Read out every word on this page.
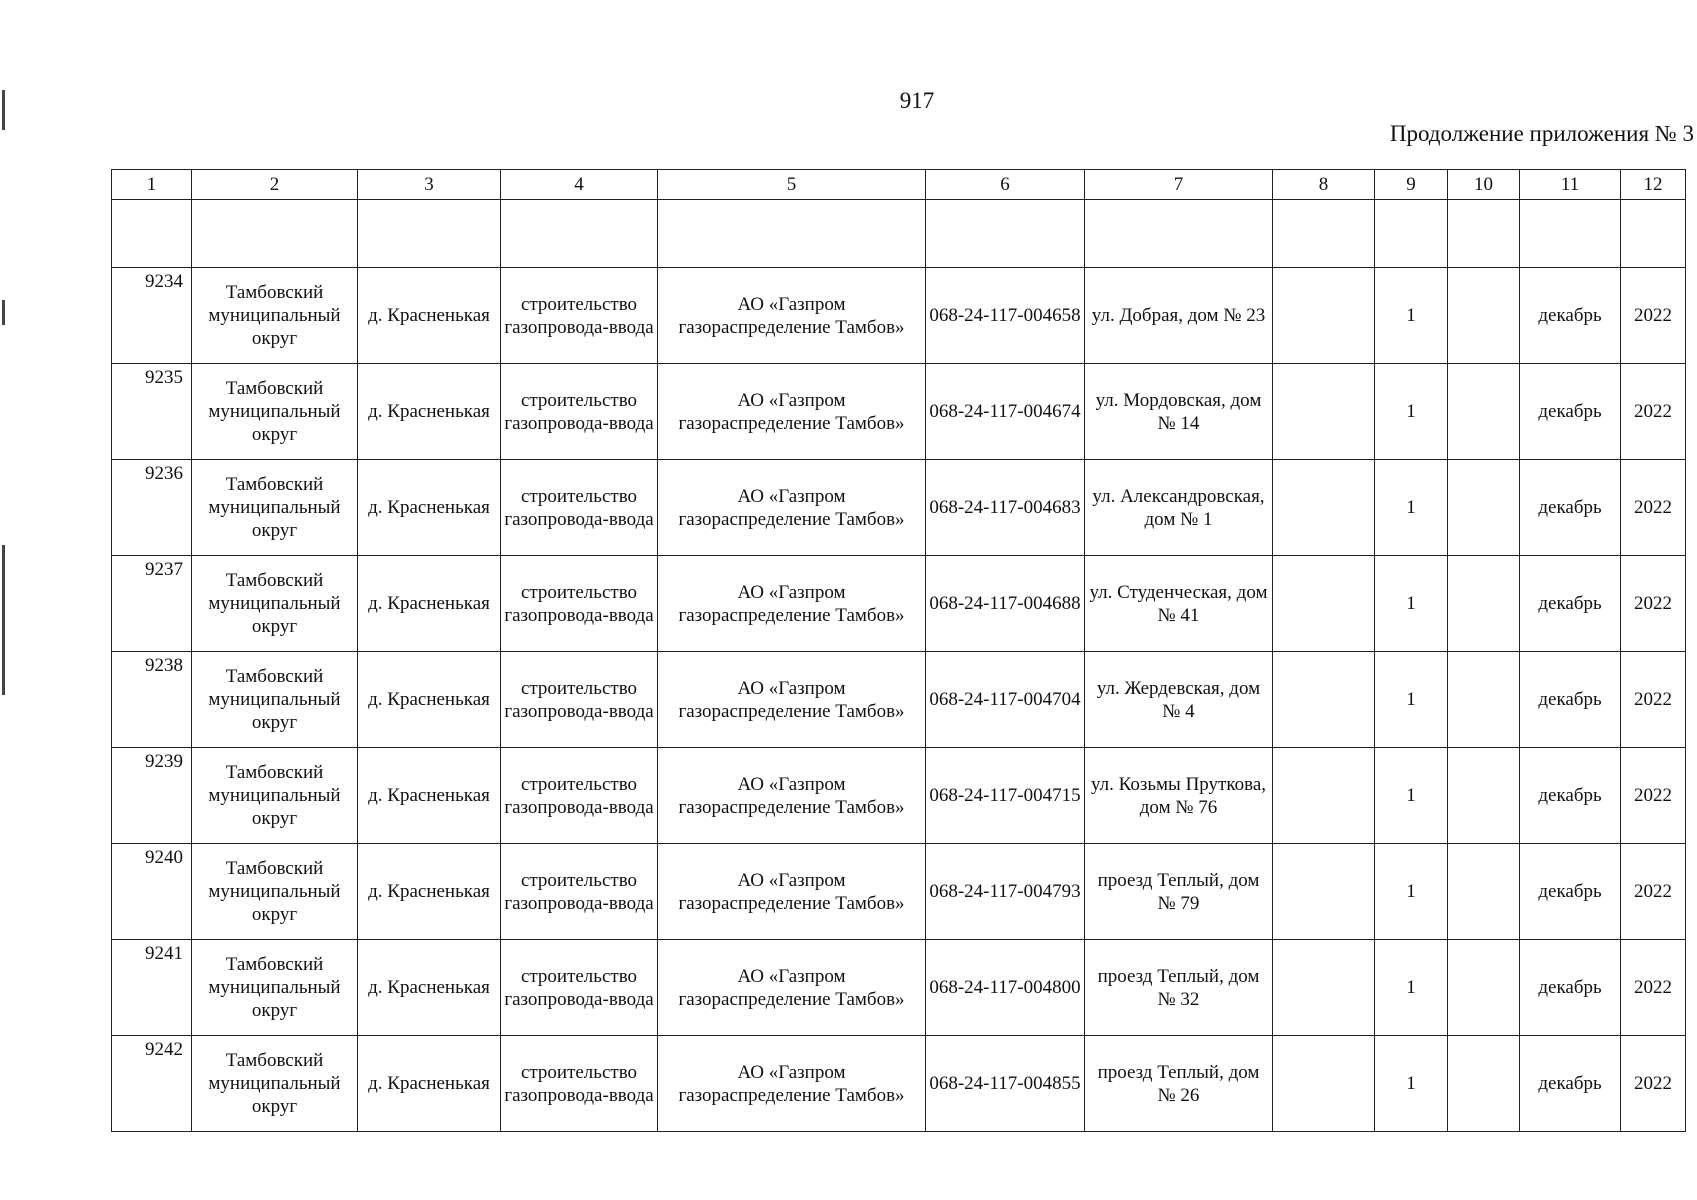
917
Продолжение приложения № 3
1	2	3	4	5	6	7	8	9	10	11	12

9234	Тамбовский муниципальный округ	д. Красненькая	строительство газопровода-ввода	АО «Газпром газораспределение Тамбов»	068-24-117-004658	ул. Добрая, дом № 23		1		декабрь	2022
9235	Тамбовский муниципальный округ	д. Красненькая	строительство газопровода-ввода	АО «Газпром газораспределение Тамбов»	068-24-117-004674	ул. Мордовская, дом № 14		1		декабрь	2022
9236	Тамбовский муниципальный округ	д. Красненькая	строительство газопровода-ввода	АО «Газпром газораспределение Тамбов»	068-24-117-004683	ул. Александровская, дом № 1		1		декабрь	2022
9237	Тамбовский муниципальный округ	д. Красненькая	строительство газопровода-ввода	АО «Газпром газораспределение Тамбов»	068-24-117-004688	ул. Студенческая, дом № 41		1		декабрь	2022
9238	Тамбовский муниципальный округ	д. Красненькая	строительство газопровода-ввода	АО «Газпром газораспределение Тамбов»	068-24-117-004704	ул. Жердевская, дом № 4		1		декабрь	2022
9239	Тамбовский муниципальный округ	д. Красненькая	строительство газопровода-ввода	АО «Газпром газораспределение Тамбов»	068-24-117-004715	ул. Козьмы Пруткова, дом № 76		1		декабрь	2022
9240	Тамбовский муниципальный округ	д. Красненькая	строительство газопровода-ввода	АО «Газпром газораспределение Тамбов»	068-24-117-004793	проезд Теплый, дом № 79		1		декабрь	2022
9241	Тамбовский муниципальный округ	д. Красненькая	строительство газопровода-ввода	АО «Газпром газораспределение Тамбов»	068-24-117-004800	проезд Теплый, дом № 32		1		декабрь	2022
9242	Тамбовский муниципальный округ	д. Красненькая	строительство газопровода-ввода	АО «Газпром газораспределение Тамбов»	068-24-117-004855	проезд Теплый, дом № 26		1		декабрь	2022
